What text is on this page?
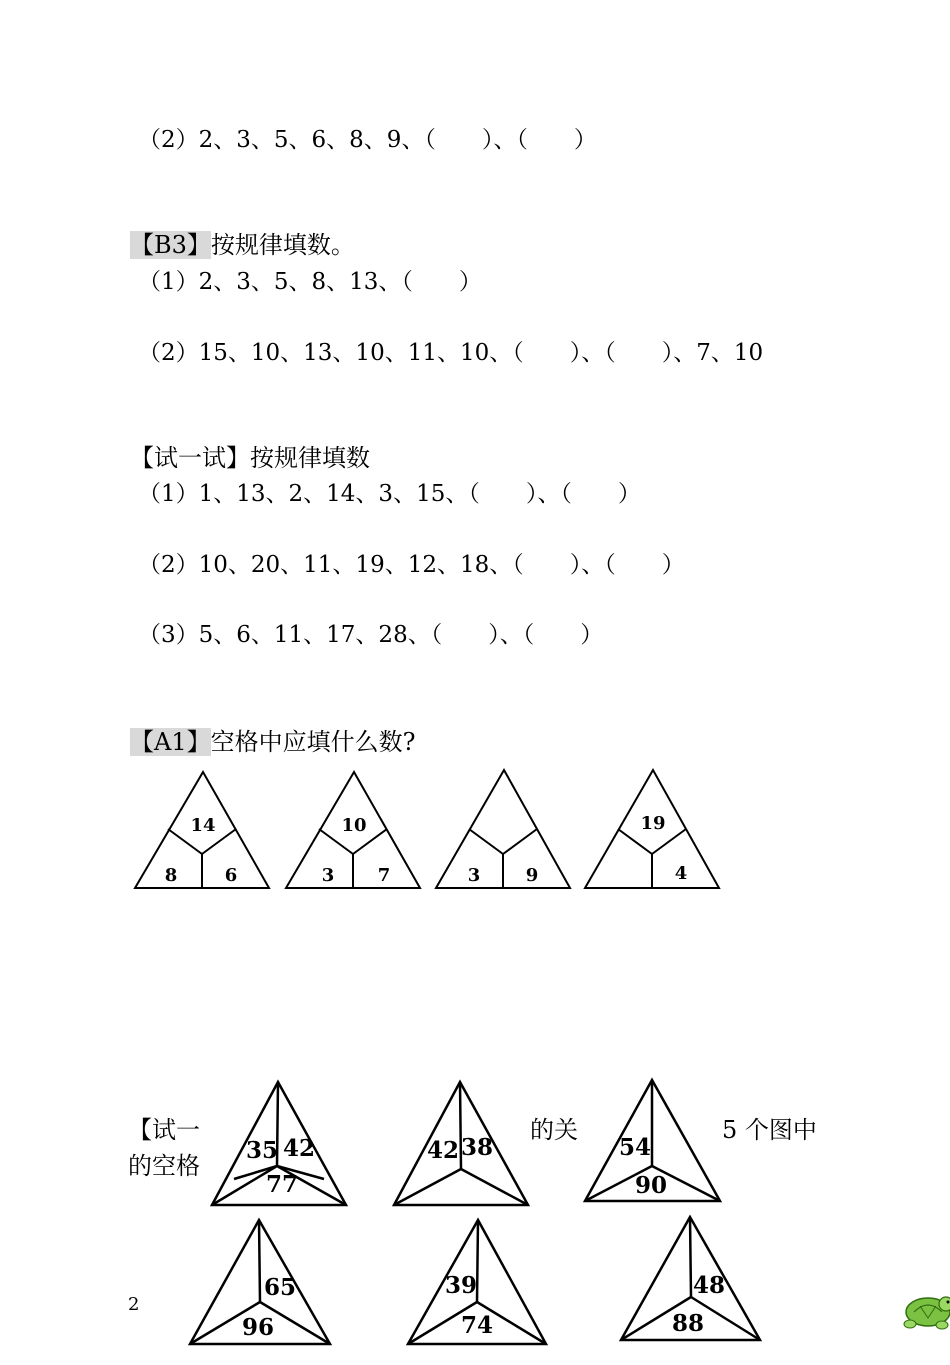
（2）2、3、5、6、8、9、（　　）、（　　）
【B3】按规律填数。
（1）2、3、5、8、13、（　　）
（2）15、10、13、10、11、10、（　　）、（　　）、7、10
【试一试】按规律填数
（1）1、13、2、14、3、15、（　　）、（　　）
（2）10、20、11、19、12、18、（　　）、（　　）
（3）5、6、11、17、28、（　　）、（　　）
【A1】空格中应填什么数?
14
8	6
10
3 7	3	9
19
4
【试一
的空格
的关	5 个图中
35 42
77
42 38	54
90
65
96
39
74
48
88
2
